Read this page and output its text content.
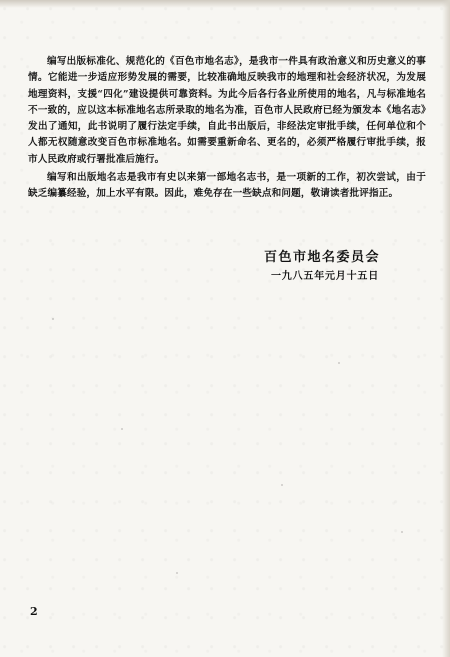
编写出版标准化、规范化的《百色市地名志》，是我市一件具有政治意义和历史意义的事情。它能进一步适应形势发展的需要，比较准确地反映我市的地理和社会经济状况，为发展地理资料，支援“四化”建设提供可靠资料。为此今后各行各业所使用的地名，凡与标准地名不一致的，应以这本标准地名志所录取的地名为准，百色市人民政府已经为颁发本《地名志》发出了通知，此书说明了履行法定手续，自此书出版后，非经法定审批手续，任何单位和个人都无权随意改变百色市标准地名。如需要重新命名、更名的，必须严格履行审批手续，报市人民政府或行署批准后施行。

编写和出版地名志是我市有史以来第一部地名志书，是一项新的工作，初次尝试，由于缺乏编纂经验，加上水平有限。因此，难免存在一些缺点和问题，敬请读者批评指正。

百色市地名委员会
一九八五年元月十五日
2
